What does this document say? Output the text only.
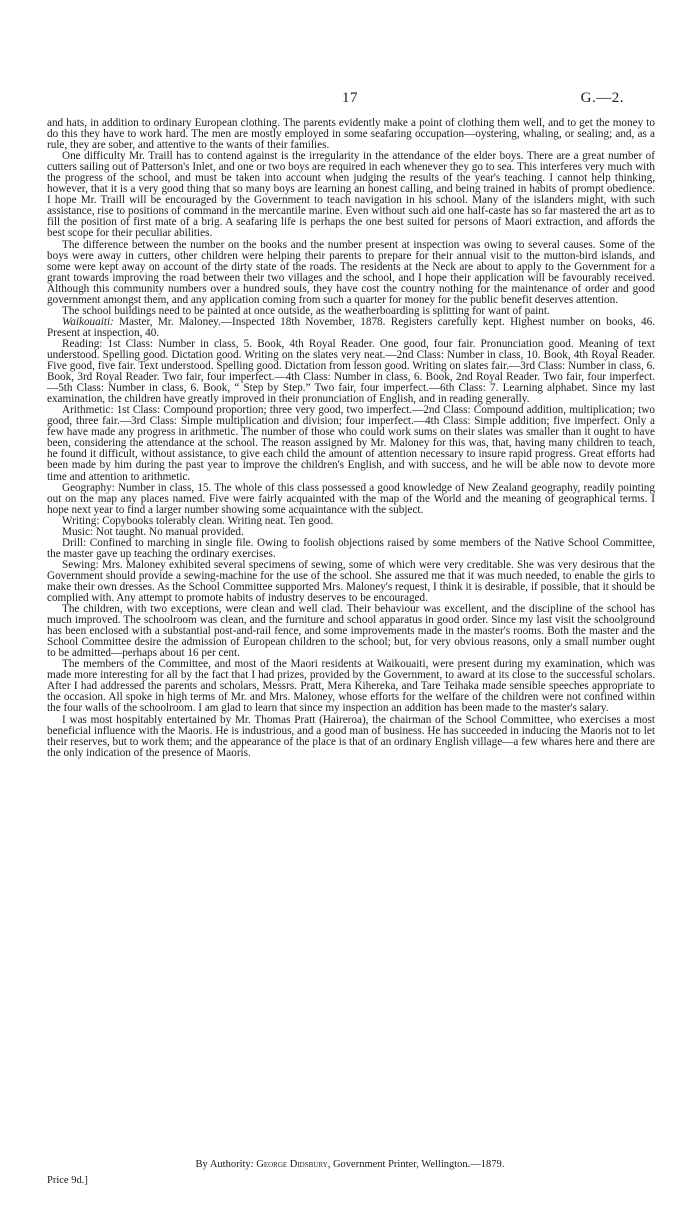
17	G.—2.

and hats, in addition to ordinary European clothing. The parents evidently make a point of clothing them well, and to get the money to do this they have to work hard. The men are mostly employed in some seafaring occupation—oystering, whaling, or sealing; and, as a rule, they are sober, and attentive to the wants of their families.

One difficulty Mr. Traill has to contend against is the irregularity in the attendance of the elder boys. There are a great number of cutters sailing out of Patterson's Inlet, and one or two boys are required in each whenever they go to sea. This interferes very much with the progress of the school, and must be taken into account when judging the results of the year's teaching. I cannot help thinking, however, that it is a very good thing that so many boys are learning an honest calling, and being trained in habits of prompt obedience. I hope Mr. Traill will be encouraged by the Government to teach navigation in his school. Many of the islanders might, with such assistance, rise to positions of command in the mercantile marine. Even without such aid one half-caste has so far mastered the art as to fill the position of first mate of a brig. A seafaring life is perhaps the one best suited for persons of Maori extraction, and affords the best scope for their peculiar abilities.

The difference between the number on the books and the number present at inspection was owing to several causes. Some of the boys were away in cutters, other children were helping their parents to prepare for their annual visit to the mutton-bird islands, and some were kept away on account of the dirty state of the roads. The residents at the Neck are about to apply to the Government for a grant towards improving the road between their two villages and the school, and I hope their application will be favourably received. Although this community numbers over a hundred souls, they have cost the country nothing for the maintenance of order and good government amongst them, and any application coming from such a quarter for money for the public benefit deserves attention.

The school buildings need to be painted at once outside, as the weatherboarding is splitting for want of paint.

Waikouaiti: Master, Mr. Maloney.—Inspected 18th November, 1878. Registers carefully kept. Highest number on books, 46. Present at inspection, 40.

Reading: 1st Class: Number in class, 5. Book, 4th Royal Reader. One good, four fair. Pronunciation good. Meaning of text understood. Spelling good. Dictation good. Writing on the slates very neat.—2nd Class: Number in class, 10. Book, 4th Royal Reader. Five good, five fair. Text understood. Spelling good. Dictation from lesson good. Writing on slates fair.—3rd Class: Number in class, 6. Book, 3rd Royal Reader. Two fair, four imperfect.—4th Class: Number in class, 6. Book, 2nd Royal Reader. Two fair, four imperfect.—5th Class: Number in class, 6. Book, “ Step by Step.” Two fair, four imperfect.—6th Class: 7. Learning alphabet. Since my last examination, the children have greatly improved in their pronunciation of English, and in reading generally.

Arithmetic: 1st Class: Compound proportion; three very good, two imperfect.—2nd Class: Compound addition, multiplication; two good, three fair.—3rd Class: Simple multiplication and division; four imperfect.—4th Class: Simple addition; five imperfect. Only a few have made any progress in arithmetic. The number of those who could work sums on their slates was smaller than it ought to have been, considering the attendance at the school. The reason assigned by Mr. Maloney for this was, that, having many children to teach, he found it difficult, without assistance, to give each child the amount of attention necessary to insure rapid progress. Great efforts had been made by him during the past year to improve the children's English, and with success, and he will be able now to devote more time and attention to arithmetic.

Geography: Number in class, 15. The whole of this class possessed a good knowledge of New Zealand geography, readily pointing out on the map any places named. Five were fairly acquainted with the map of the World and the meaning of geographical terms. I hope next year to find a larger number showing some acquaintance with the subject.

Writing: Copybooks tolerably clean. Writing neat. Ten good.

Music: Not taught. No manual provided.

Drill: Confined to marching in single file. Owing to foolish objections raised by some members of the Native School Committee, the master gave up teaching the ordinary exercises.

Sewing: Mrs. Maloney exhibited several specimens of sewing, some of which were very creditable. She was very desirous that the Government should provide a sewing-machine for the use of the school. She assured me that it was much needed, to enable the girls to make their own dresses. As the School Committee supported Mrs. Maloney's request, I think it is desirable, if possible, that it should be complied with. Any attempt to promote habits of industry deserves to be encouraged.

The children, with two exceptions, were clean and well clad. Their behaviour was excellent, and the discipline of the school has much improved. The schoolroom was clean, and the furniture and school apparatus in good order. Since my last visit the schoolground has been enclosed with a substantial post-and-rail fence, and some improvements made in the master's rooms. Both the master and the School Committee desire the admission of European children to the school; but, for very obvious reasons, only a small number ought to be admitted—perhaps about 16 per cent.

The members of the Committee, and most of the Maori residents at Waikouaiti, were present during my examination, which was made more interesting for all by the fact that I had prizes, provided by the Government, to award at its close to the successful scholars. After I had addressed the parents and scholars, Messrs. Pratt, Mera Kihereka, and Tare Teihaka made sensible speeches appropriate to the occasion. All spoke in high terms of Mr. and Mrs. Maloney, whose efforts for the welfare of the children were not confined within the four walls of the schoolroom. I am glad to learn that since my inspection an addition has been made to the master's salary.

I was most hospitably entertained by Mr. Thomas Pratt (Haireroa), the chairman of the School Committee, who exercises a most beneficial influence with the Maoris. He is industrious, and a good man of business. He has succeeded in inducing the Maoris not to let their reserves, but to work them; and the appearance of the place is that of an ordinary English village—a few whares here and there are the only indication of the presence of Maoris.

By Authority: George Didsbury, Government Printer, Wellington.—1879.
Price 9d.]
